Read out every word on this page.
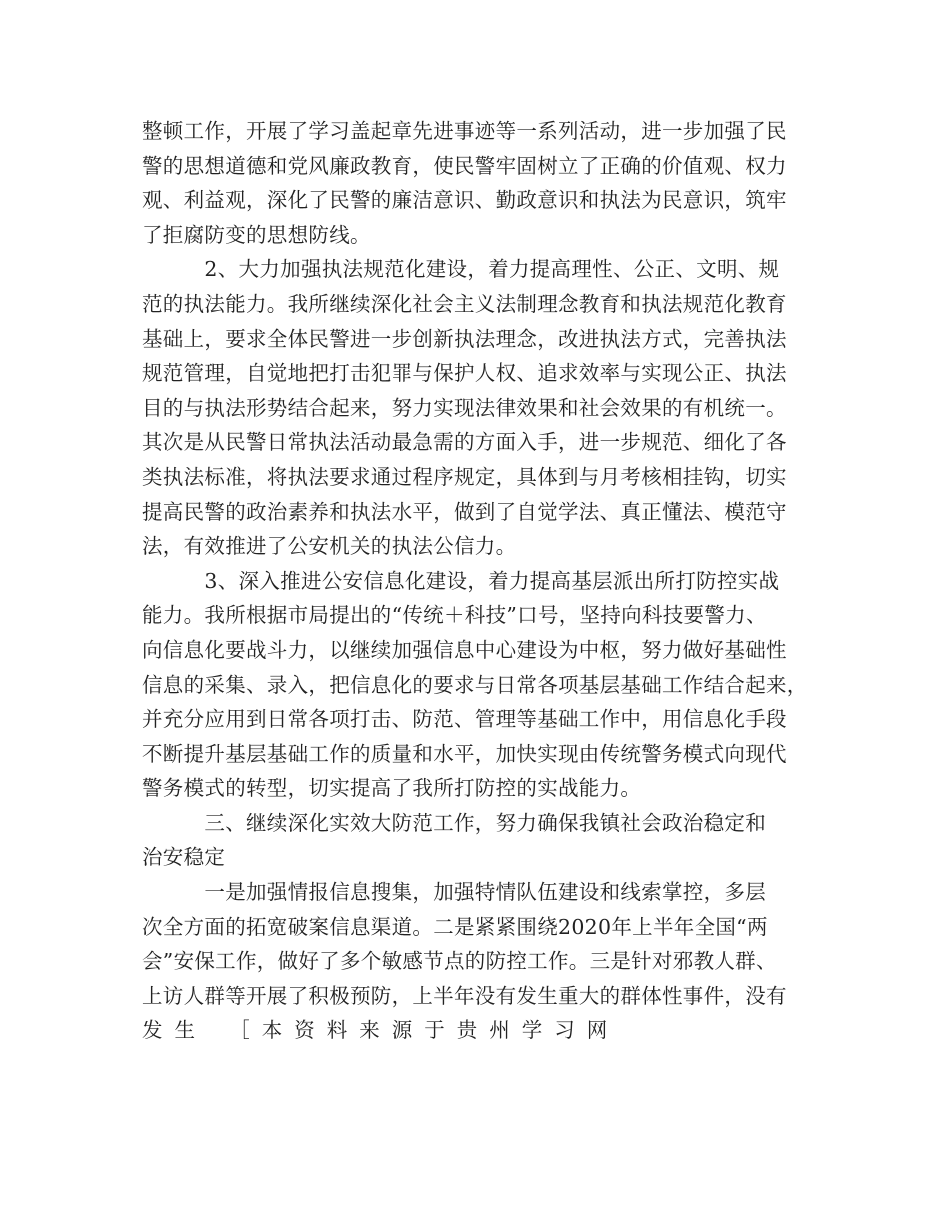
整顿工作，开展了学习盖起章先进事迹等一系列活动，进一步加强了民
警的思想道德和党风廉政教育，使民警牢固树立了正确的价值观、权力
观、利益观，深化了民警的廉洁意识、勤政意识和执法为民意识，筑牢
了拒腐防变的思想防线。
　　　2、大力加强执法规范化建设，着力提高理性、公正、文明、规
范的执法能力。我所继续深化社会主义法制理念教育和执法规范化教育
基础上，要求全体民警进一步创新执法理念，改进执法方式，完善执法
规范管理，自觉地把打击犯罪与保护人权、追求效率与实现公正、执法
目的与执法形势结合起来，努力实现法律效果和社会效果的有机统一。
其次是从民警日常执法活动最急需的方面入手，进一步规范、细化了各
类执法标准，将执法要求通过程序规定，具体到与月考核相挂钩，切实
提高民警的政治素养和执法水平，做到了自觉学法、真正懂法、模范守
法，有效推进了公安机关的执法公信力。
　　　3、深入推进公安信息化建设，着力提高基层派出所打防控实战
能力。我所根据市局提出的“传统＋科技”口号，坚持向科技要警力、
向信息化要战斗力，以继续加强信息中心建设为中枢，努力做好基础性
信息的采集、录入，把信息化的要求与日常各项基层基础工作结合起来，
并充分应用到日常各项打击、防范、管理等基础工作中，用信息化手段
不断提升基层基础工作的质量和水平，加快实现由传统警务模式向现代
警务模式的转型，切实提高了我所打防控的实战能力。
　　　三、继续深化实效大防范工作，努力确保我镇社会政治稳定和
治安稳定
　　　一是加强情报信息搜集，加强特情队伍建设和线索掌控，多层
次全方面的拓宽破案信息渠道。二是紧紧围绕2020年上半年全国“两
会”安保工作，做好了多个敏感节点的防控工作。三是针对邪教人群、
上访人群等开展了积极预防，上半年没有发生重大的群体性事件，没有
发生　［本资料来源于贵州学习网
